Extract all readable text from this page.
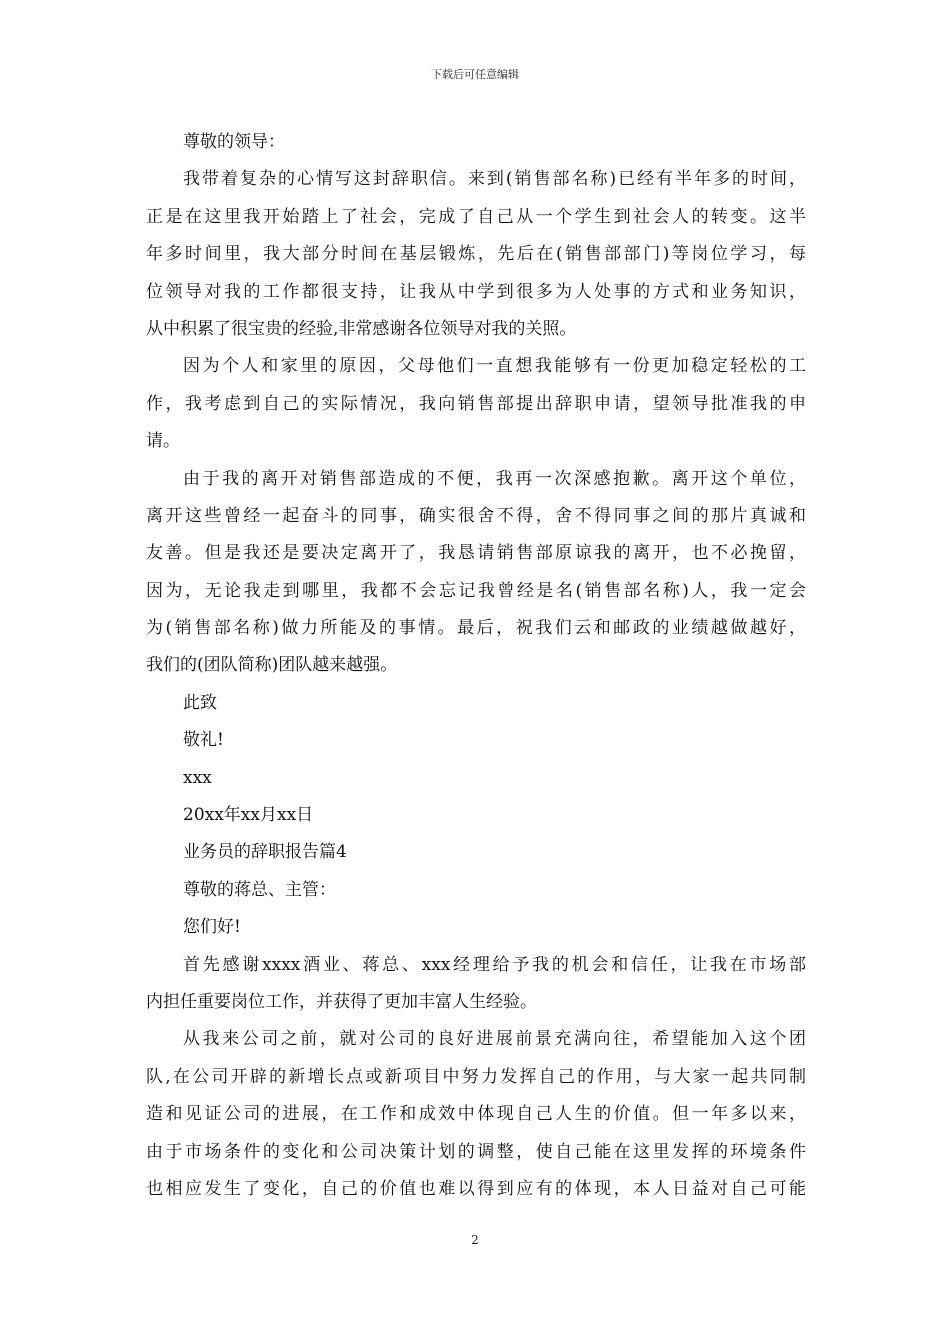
下载后可任意编辑
尊敬的领导：
我带着复杂的心情写这封辞职信。来到(销售部名称)已经有半年多的时间，
正是在这里我开始踏上了社会，完成了自己从一个学生到社会人的转变。这半
年多时间里，我大部分时间在基层锻炼，先后在(销售部部门)等岗位学习，每
位领导对我的工作都很支持，让我从中学到很多为人处事的方式和业务知识，
从中积累了很宝贵的经验,非常感谢各位领导对我的关照。
因为个人和家里的原因，父母他们一直想我能够有一份更加稳定轻松的工
作，我考虑到自己的实际情况，我向销售部提出辞职申请，望领导批准我的申
请。
由于我的离开对销售部造成的不便，我再一次深感抱歉。离开这个单位，
离开这些曾经一起奋斗的同事，确实很舍不得，舍不得同事之间的那片真诚和
友善。但是我还是要决定离开了，我恳请销售部原谅我的离开，也不必挽留，
因为，无论我走到哪里，我都不会忘记我曾经是名(销售部名称)人，我一定会
为(销售部名称)做力所能及的事情。最后，祝我们云和邮政的业绩越做越好，
我们的(团队简称)团队越来越强。
此致
敬礼!
xxx
20xx年xx月xx日
业务员的辞职报告篇4
尊敬的蒋总、主管：
您们好!
首先感谢xxxx酒业、蒋总、xxx经理给予我的机会和信任，让我在市场部
内担任重要岗位工作，并获得了更加丰富人生经验。
从我来公司之前，就对公司的良好进展前景充满向往，希望能加入这个团
队,在公司开辟的新增长点或新项目中努力发挥自己的作用，与大家一起共同制
造和见证公司的进展，在工作和成效中体现自己人生的价值。但一年多以来，
由于市场条件的变化和公司决策计划的调整，使自己能在这里发挥的环境条件
也相应发生了变化，自己的价值也难以得到应有的体现，本人日益对自己可能
2
